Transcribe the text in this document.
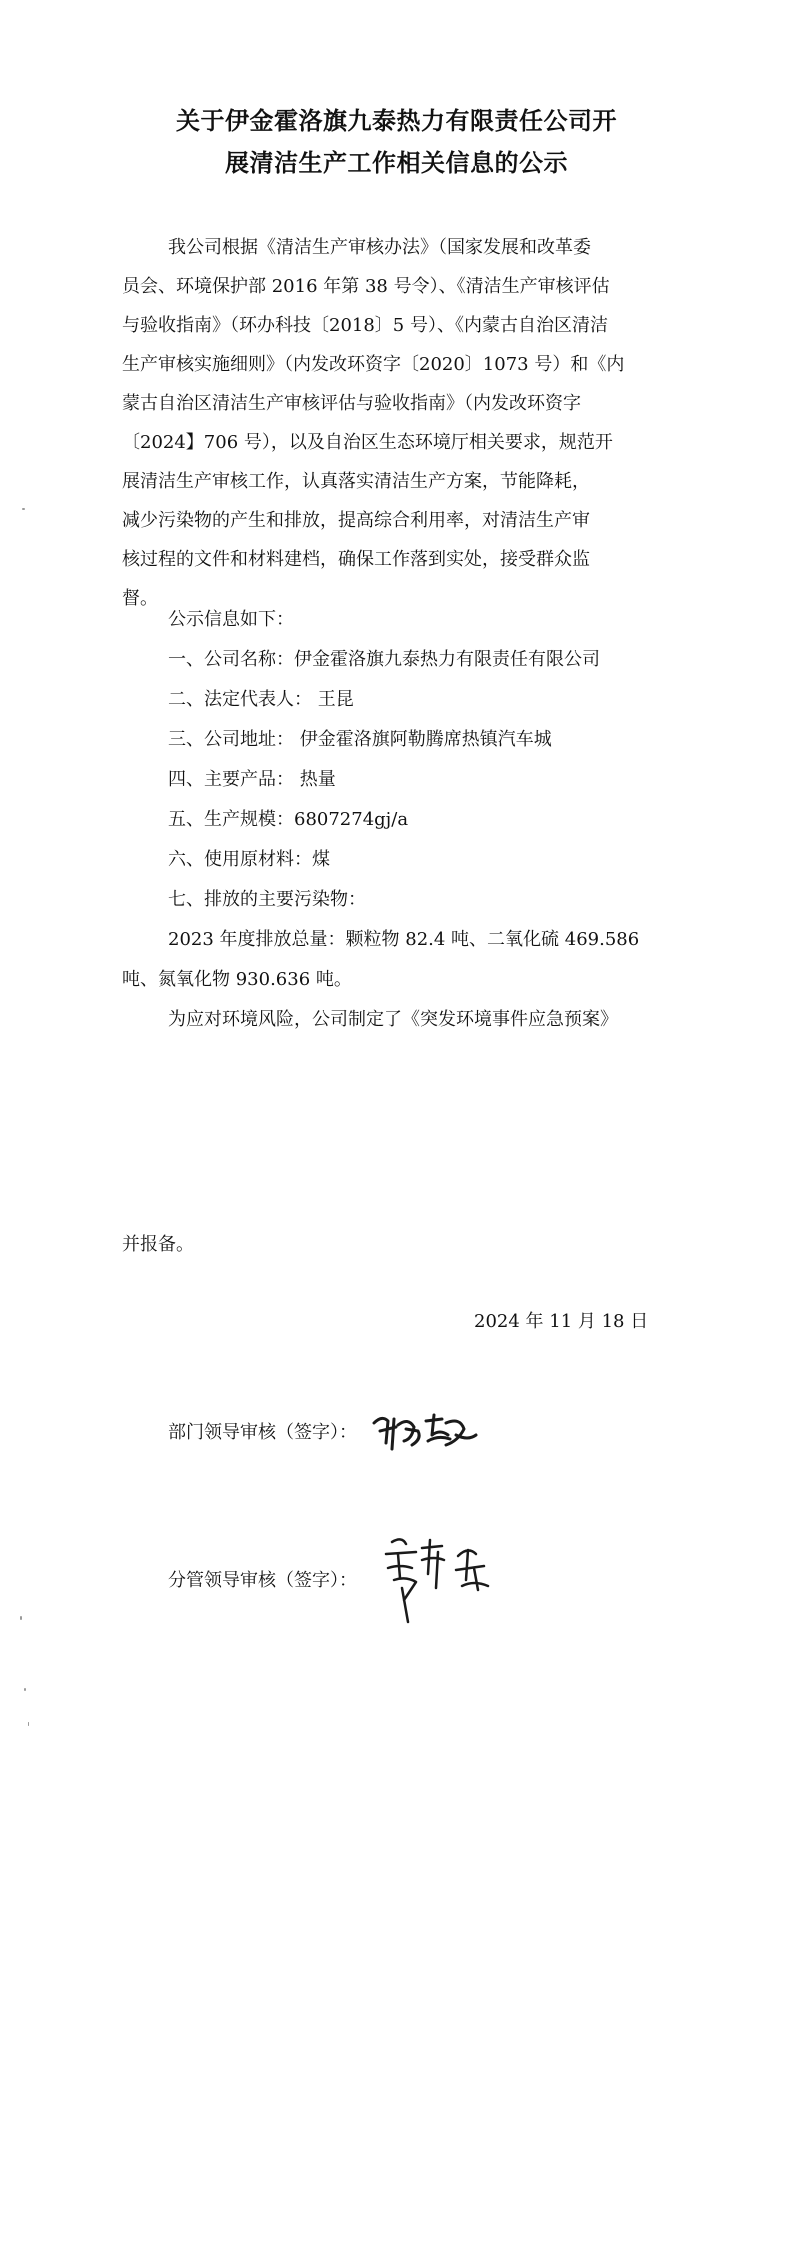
关于伊金霍洛旗九泰热力有限责任公司开
展清洁生产工作相关信息的公示
我公司根据《清洁生产审核办法》（国家发展和改革委
员会、环境保护部 2016 年第 38 号令）、《清洁生产审核评估
与验收指南》（环办科技〔2018〕5 号）、《内蒙古自治区清洁
生产审核实施细则》（内发改环资字〔2020〕1073 号）和《内
蒙古自治区清洁生产审核评估与验收指南》（内发改环资字
〔2024】706 号），以及自治区生态环境厅相关要求，规范开
展清洁生产审核工作，认真落实清洁生产方案，节能降耗，
减少污染物的产生和排放，提高综合利用率，对清洁生产审
核过程的文件和材料建档，确保工作落到实处，接受群众监
督。
公示信息如下：
一、公司名称：伊金霍洛旗九泰热力有限责任有限公司
二、法定代表人： 王昆
三、公司地址： 伊金霍洛旗阿勒腾席热镇汽车城
四、主要产品： 热量
五、生产规模：6807274gj/a
六、使用原材料：煤
七、排放的主要污染物：
2023 年度排放总量：颗粒物 82.4 吨、二氧化硫 469.586
吨、氮氧化物 930.636 吨。
为应对环境风险，公司制定了《突发环境事件应急预案》
并报备。
2024 年 11 月 18 日
部门领导审核（签字）：
分管领导审核（签字）：
